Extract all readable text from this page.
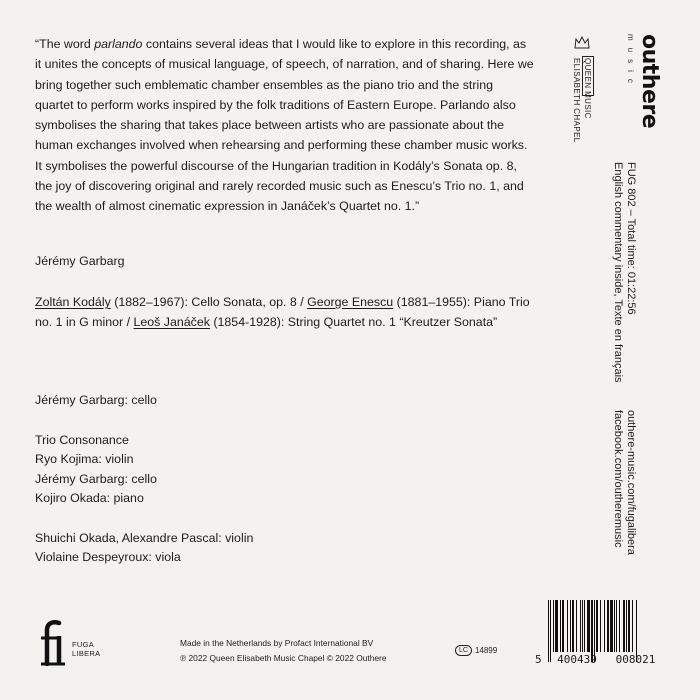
“The word parlando contains several ideas that I would like to explore in this recording, as it unites the concepts of musical language, of speech, of narration, and of sharing. Here we bring together such emblematic chamber ensembles as the piano trio and the string quartet to perform works inspired by the folk traditions of Eastern Europe. Parlando also symbolises the sharing that takes place between artists who are passionate about the human exchanges involved when rehearsing and performing these chamber music works. It symbolises the powerful discourse of the Hungarian tradition in Kodály’s Sonata op. 8, the joy of discovering original and rarely recorded music such as Enescu’s Trio no. 1, and the wealth of almost cinematic expression in Janáček’s Quartet no. 1.”
Jérémy Garbarg
Zoltán Kodály (1882–1967): Cello Sonata, op. 8 / George Enescu (1881–1955): Piano Trio no. 1 in G minor / Leoš Janáček (1854-1928): String Quartet no. 1 “Kreutzer Sonata”
Jérémy Garbarg: cello
Trio Consonance
Ryo Kojima: violin
Jérémy Garbarg: cello
Kojiro Okada: piano
Shuichi Okada, Alexandre Pascal: violin
Violaine Despeyroux: viola
FUG 802 – Total time: 01:22:56
English commentary inside, Texte en français
outhere-music.com/fugalibera
facebook.com/outheremusic
outhere
music
QUEEN MUSIC
ELISABETH CHAPEL
FUGA
LIBERA
Made in the Netherlands by Profact International BV
℗ 2022 Queen Elisabeth Music Chapel © 2022 Outhere
LC 14899
5	400439	008021
